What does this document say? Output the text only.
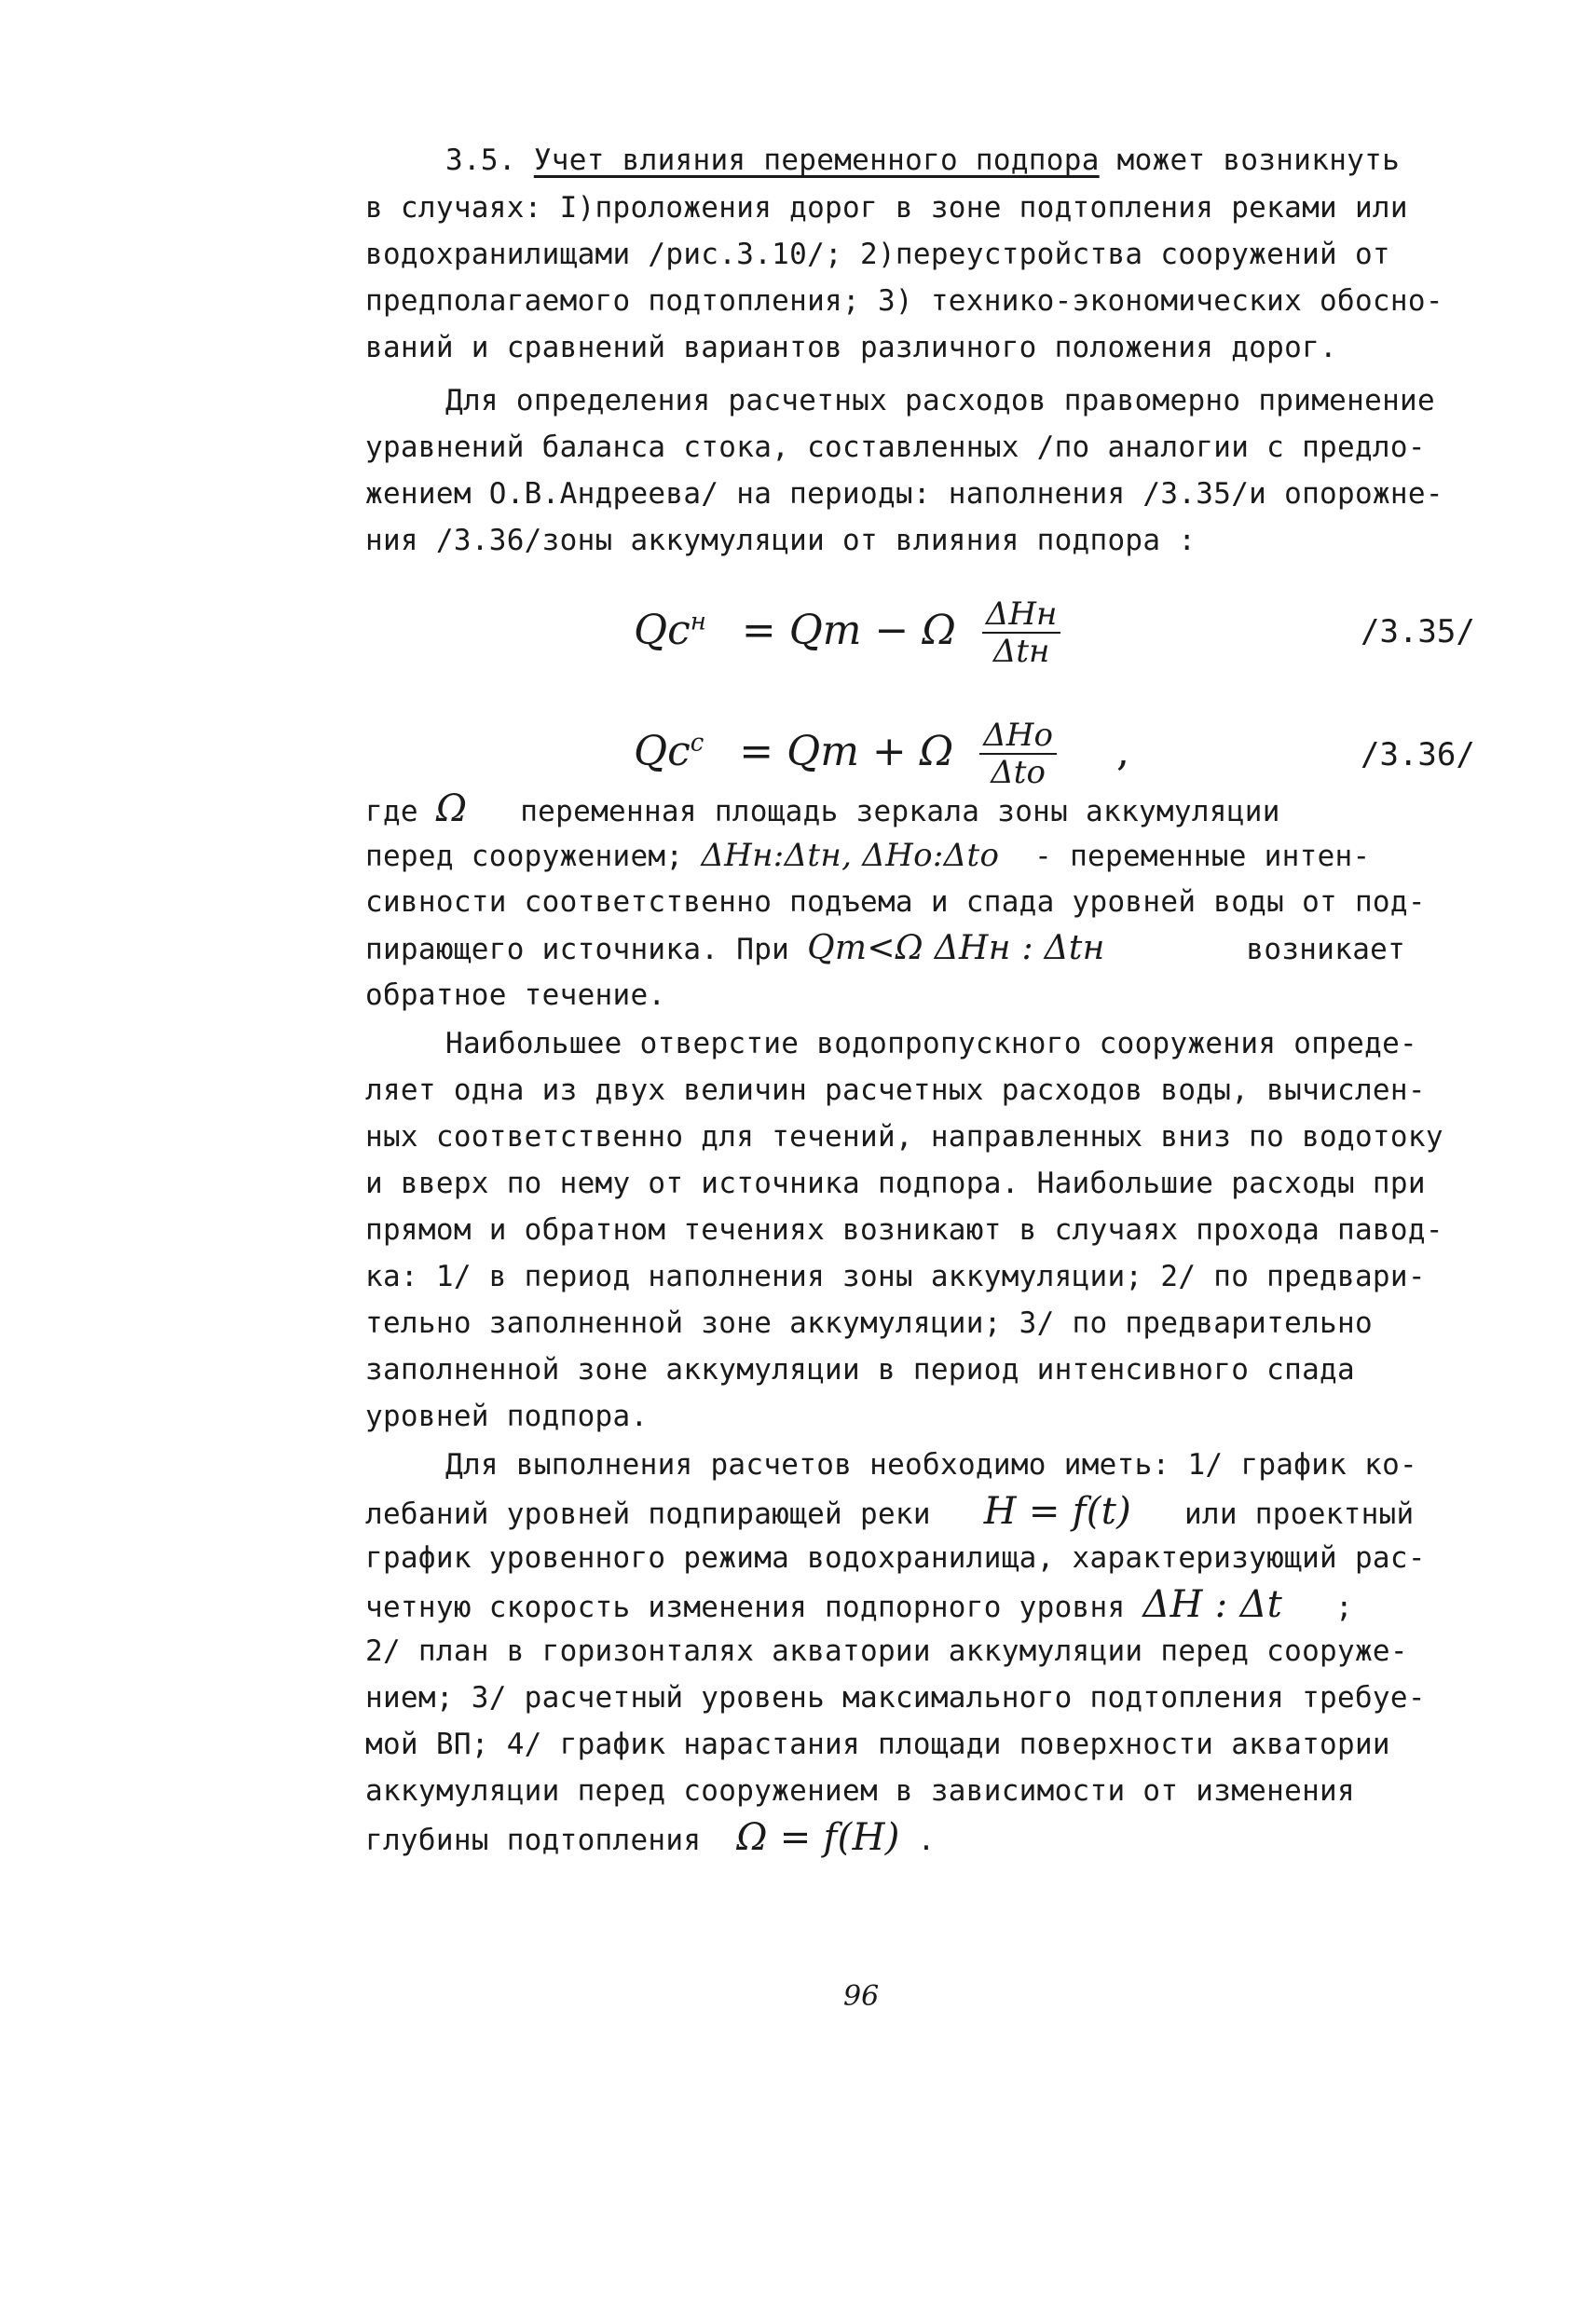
3.5. Учет влияния переменного подпора может возникнуть
в случаях: I)проложения дорог в зоне подтопления реками или
водохранилищами /рис.3.10/; 2)переустройства сооружений от
предполагаемого подтопления; 3) технико-экономических обосно-
ваний и сравнений вариантов различного положения дорог.
Для определения расчетных расходов правомерно применение
уравнений баланса стока, составленных /по аналогии с предло-
жением О.В.Андреева/ на периоды: наполнения /3.35/и опорожне-
ния /3.36/зоны аккумуляции от влияния подпора :
$Qc^н = Qm - \Omega \frac{\text{ΔHн}}{\text{Δtн}}$	/3.35/
$Qc^с = Qm + \Omega \frac{\text{ΔHо}}{\text{Δtо}}$ ,	/3.36/
где Ω   переменная площадь зеркала зоны аккумуляции
перед сооружением; ΔHн:Δtн, ΔHо:Δtо  - переменные интен-
сивности соответственно подъема и спада уровней воды от под-
пирающего источника. При Qm<Ω ΔHн : Δtн        возникает
обратное течение.
Наибольшее отверстие водопропускного сооружения опреде-
ляет одна из двух величин расчетных расходов воды, вычислен-
ных соответственно для течений, направленных вниз по водотоку
и вверх по нему от источника подпора. Наибольшие расходы при
прямом и обратном течениях возникают в случаях прохода павод-
ка: 1/ в период наполнения зоны аккумуляции; 2/ по предвари-
тельно заполненной зоне аккумуляции; 3/ по предварительно
заполненной зоне аккумуляции в период интенсивного спада
уровней подпора.
Для выполнения расчетов необходимо иметь: 1/ график ко-
лебаний уровней подпирающей реки   H = f(t)   или проектный
график уровенного режима водохранилища, характеризующий рас-
четную скорость изменения подпорного уровня ΔH : Δt   ;
2/ план в горизонталях акватории аккумуляции перед сооруже-
нием; 3/ расчетный уровень максимального подтопления требуе-
мой ВП; 4/ график нарастания площади поверхности акватории
аккумуляции перед сооружением в зависимости от изменения
глубины подтопления  Ω = f(H) .
96
